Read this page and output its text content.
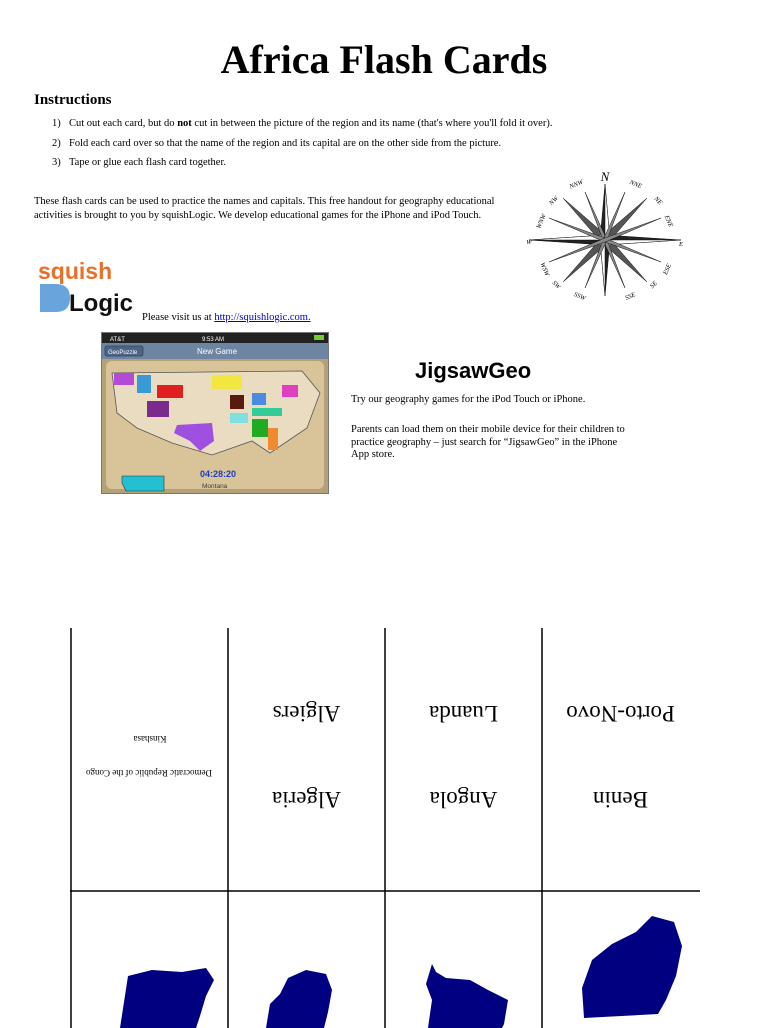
Africa Flash Cards
Instructions
1) Cut out each card, but do not cut in between the picture of the region and its name (that's where you'll fold it over).
2) Fold each card over so that the name of the region and its capital are on the other side from the picture.
3) Tape or glue each flash card together.

These flash cards can be used to practice the names and capitals. This free handout for geography educational activities is brought to you by squishLogic. We develop educational games for the iPhone and iPod Touch.

squish
Logic
Please visit us at http://squishlogic.com.
AT&T	9:53 AM
GeoPuzzle	New Game
04:28:20
Montana
JigsawGeo

Try our geography games for the iPod Touch or iPhone.

Parents can load them on their mobile device for their children to practice geography – just search for “JigsawGeo” in the iPhone App store.

N
NNE
NE
ENE
E
ESE
SE
SSE
SSW
SW
WSW
W
WNW
NW
NNW
Kinshasa
Democratic Republic of the Congo
Algiers
Algeria
Luanda
Angola
Porto-Novo
Benin
